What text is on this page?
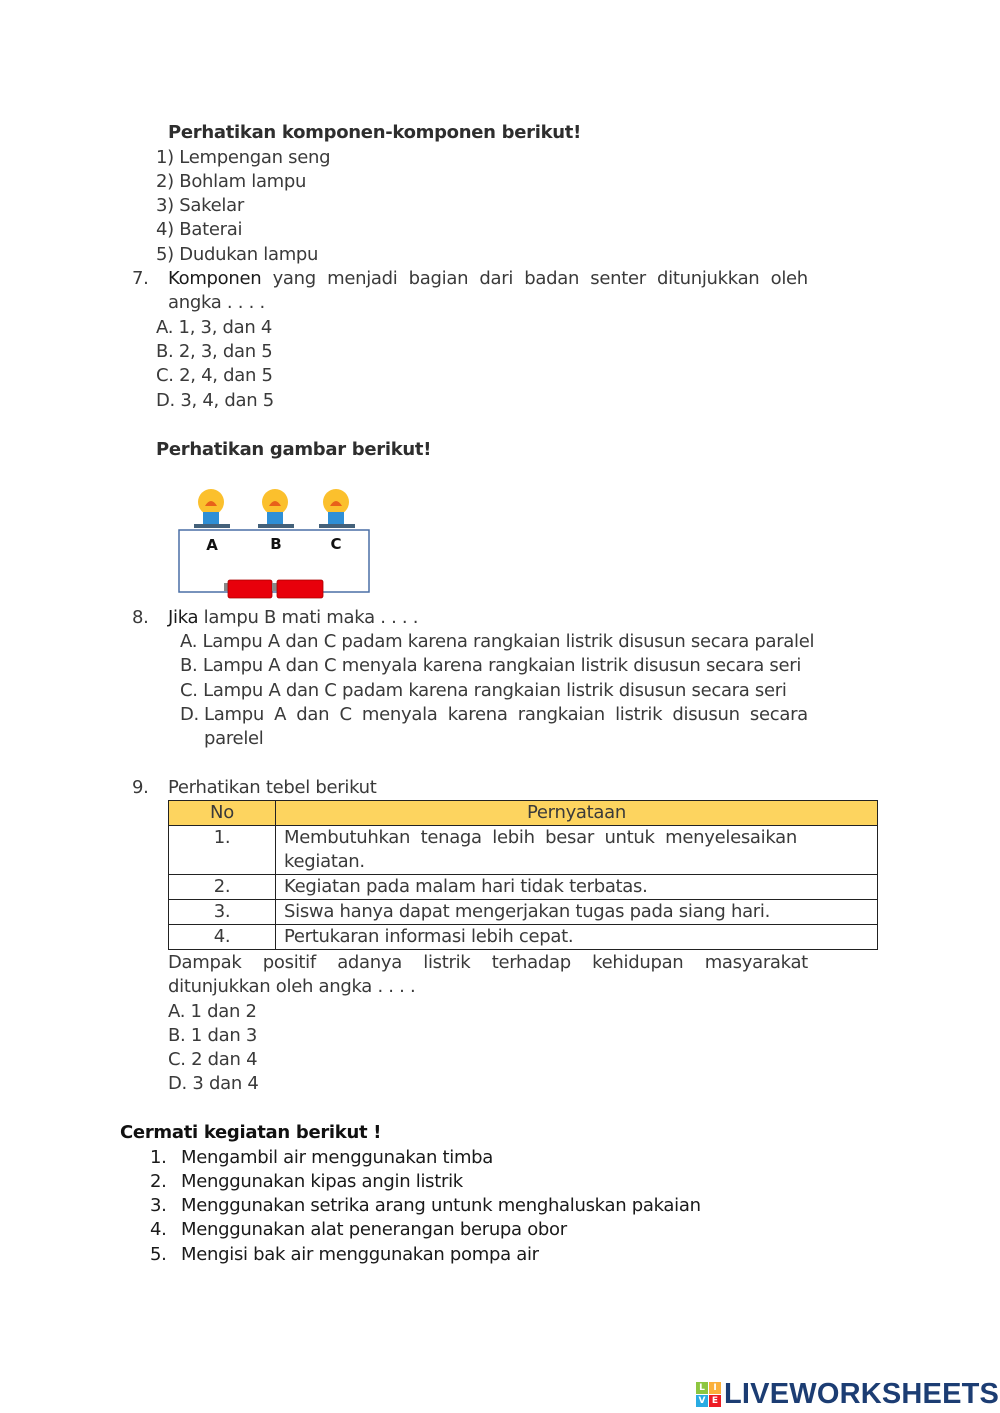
Perhatikan komponen-komponen berikut!
1) Lempengan seng
2) Bohlam lampu
3) Sakelar
4) Baterai
5) Dudukan lampu
7. Komponen yang menjadi bagian dari badan senter ditunjukkan oleh
angka . . . .
A. 1, 3, dan 4
B. 2, 3, dan 5
C. 2, 4, dan 5
D. 3, 4, dan 5
Perhatikan gambar berikut!
A	B	C
8. Jika lampu B mati maka . . . .
A. Lampu A dan C padam karena rangkaian listrik disusun secara paralel
B. Lampu A dan C menyala karena rangkaian listrik disusun secara seri
C. Lampu A dan C padam karena rangkaian listrik disusun secara seri
D. Lampu A dan C menyala karena rangkaian listrik disusun secara
parelel
9. Perhatikan tebel berikut
No	Pernyataan
1.	Membutuhkan tenaga lebih besar untuk menyelesaikan
kegiatan.

2.	Kegiatan pada malam hari tidak terbatas.
3.	Siswa hanya dapat mengerjakan tugas pada siang hari.
4.	Pertukaran informasi lebih cepat.
Dampak positif adanya listrik terhadap kehidupan masyarakat
ditunjukkan oleh angka . . . .
A. 1 dan 2
B. 1 dan 3
C. 2 dan 4
D. 3 dan 4
Cermati kegiatan berikut !
1. Mengambil air menggunakan timba
2. Menggunakan kipas angin listrik
3. Menggunakan setrika arang untunk menghaluskan pakaian
4. Menggunakan alat penerangan berupa obor
5. Mengisi bak air menggunakan pompa air
L I
V E LIVEWORKSHEETS
